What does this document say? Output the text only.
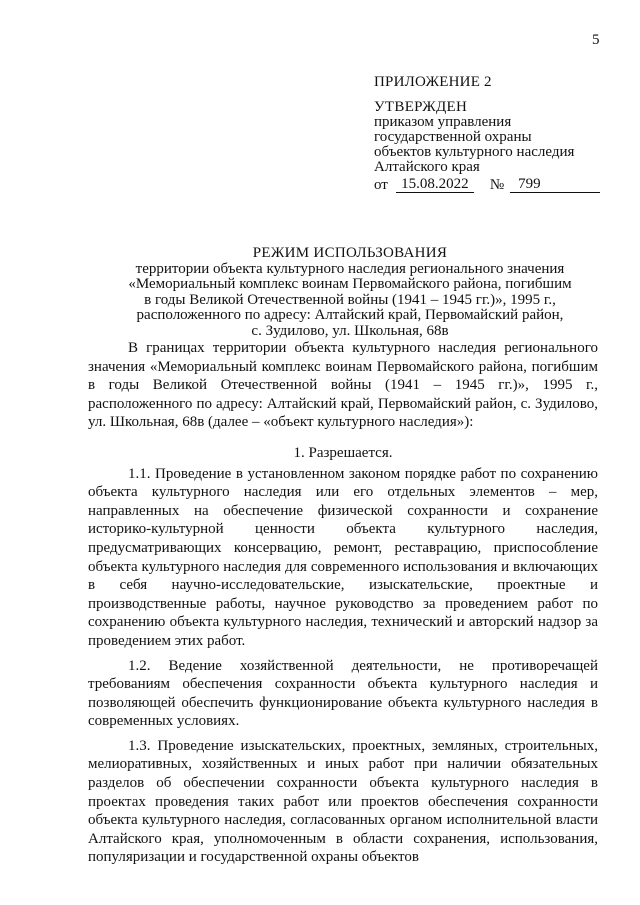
5
ПРИЛОЖЕНИЕ 2
УТВЕРЖДЕН
приказом управления
государственной охраны
объектов культурного наследия
Алтайского края
от 15.08.2022	№ 799
РЕЖИМ ИСПОЛЬЗОВАНИЯ
территории объекта культурного наследия регионального значения
«Мемориальный комплекс воинам Первомайского района, погибшим
в годы Великой Отечественной войны (1941 – 1945 гг.)», 1995 г.,
расположенного по адресу: Алтайский край, Первомайский район,
с. Зудилово, ул. Школьная, 68в

В границах территории объекта культурного наследия регионального значения «Мемориальный комплекс воинам Первомайского района, погибшим в годы Великой Отечественной войны (1941 – 1945 гг.)», 1995 г., расположенного по адресу: Алтайский край, Первомайский район, с. Зудилово, ул. Школьная, 68в (далее – «объект культурного наследия»):

1. Разрешается.

1.1. Проведение в установленном законом порядке работ по сохранению объекта культурного наследия или его отдельных элементов – мер, направленных на обеспечение физической сохранности и сохранение историко-культурной ценности объекта культурного наследия, предусматривающих консервацию, ремонт, реставрацию, приспособление объекта культурного наследия для современного использования и включающих в себя научно-исследовательские, изыскательские, проектные и производственные работы, научное руководство за проведением работ по сохранению объекта культурного наследия, технический и авторский надзор за проведением этих работ.

1.2. Ведение хозяйственной деятельности, не противоречащей требованиям обеспечения сохранности объекта культурного наследия и позволяющей обеспечить функционирование объекта культурного наследия в современных условиях.

1.3. Проведение изыскательских, проектных, земляных, строительных, мелиоративных, хозяйственных и иных работ при наличии обязательных разделов об обеспечении сохранности объекта культурного наследия в проектах проведения таких работ или проектов обеспечения сохранности объекта культурного наследия, согласованных органом исполнительной власти Алтайского края, уполномоченным в области сохранения, использования, популяризации и государственной охраны объектов
